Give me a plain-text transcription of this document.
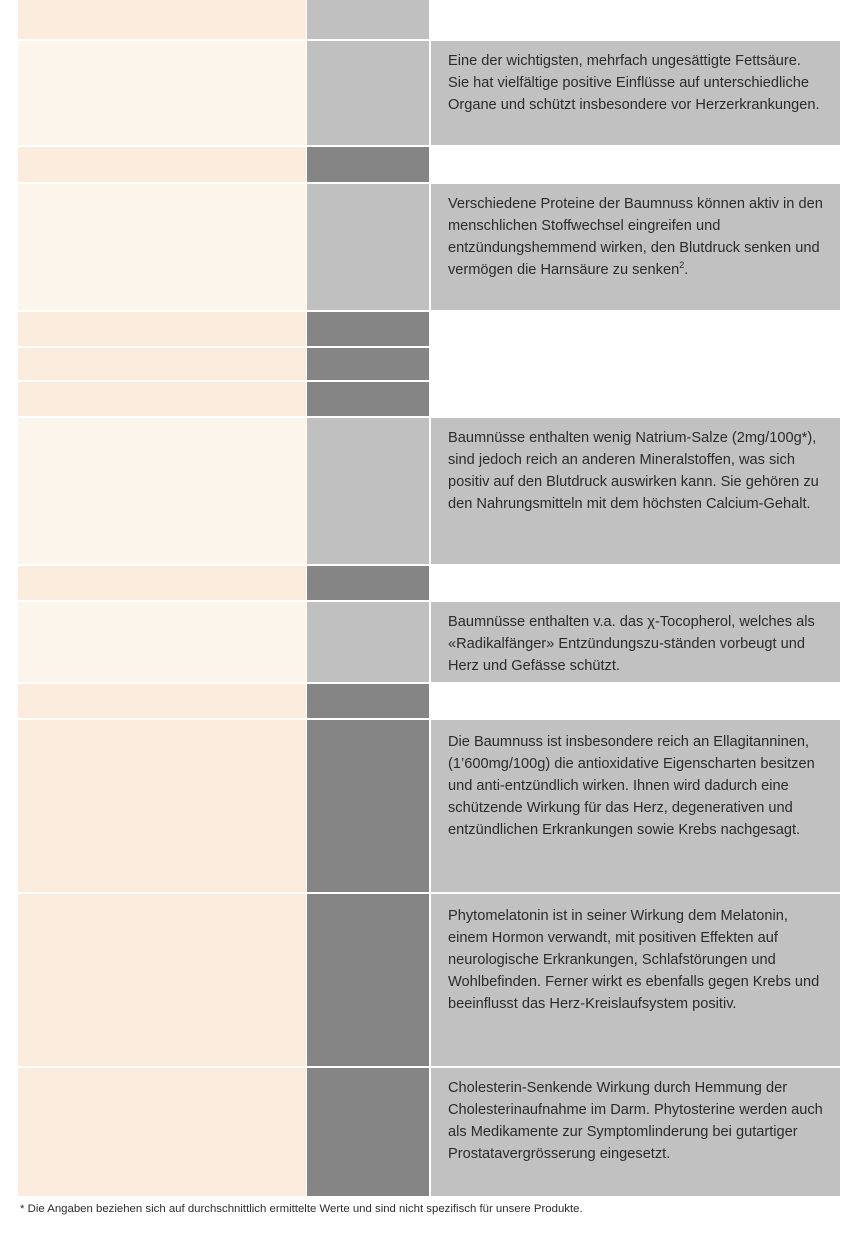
Eine der wichtigsten, mehrfach ungesättigte Fettsäure. Sie hat vielfältige positive Einflüsse auf unterschiedliche Organe und schützt insbesondere vor Herzerkrankungen.
Verschiedene Proteine der Baumnuss können aktiv in den menschlichen Stoffwechsel eingreifen und entzündungshemmend wirken, den Blutdruck senken und vermögen die Harnsäure zu senken$^2$.
Baumnüsse enthalten wenig Natrium-Salze (2mg/100g*), sind jedoch reich an anderen Mineralstoffen, was sich positiv auf den Blutdruck auswirken kann. Sie gehören zu den Nahrungsmitteln mit dem höchsten Calcium-Gehalt.
Baumnüsse enthalten v.a. das χ-Tocopherol, welches als «Radikalfänger» Entzündungszu-ständen vorbeugt und Herz und Gefässe schützt.
Die Baumnuss ist insbesondere reich an Ellagitanninen, (1’600mg/100g) die antioxidative Eigenscharten besitzen und anti-entzündlich wirken. Ihnen wird dadurch eine schützende Wirkung für das Herz, degenerativen und entzündlichen Erkrankungen sowie Krebs nachgesagt.
Phytomelatonin ist in seiner Wirkung dem Melatonin, einem Hormon verwandt, mit positiven Effekten auf neurologische Erkrankungen, Schlafstörungen und Wohlbefinden. Ferner wirkt es ebenfalls gegen Krebs und beeinflusst das Herz-Kreislaufsystem positiv.
Cholesterin-Senkende Wirkung durch Hemmung der Cholesterinaufnahme im Darm. Phytosterine werden auch als Medikamente zur Symptomlinderung bei gutartiger Prostatavergrösserung eingesetzt.
* Die Angaben beziehen sich auf durchschnittlich ermittelte Werte und sind nicht spezifisch für unsere Produkte.
